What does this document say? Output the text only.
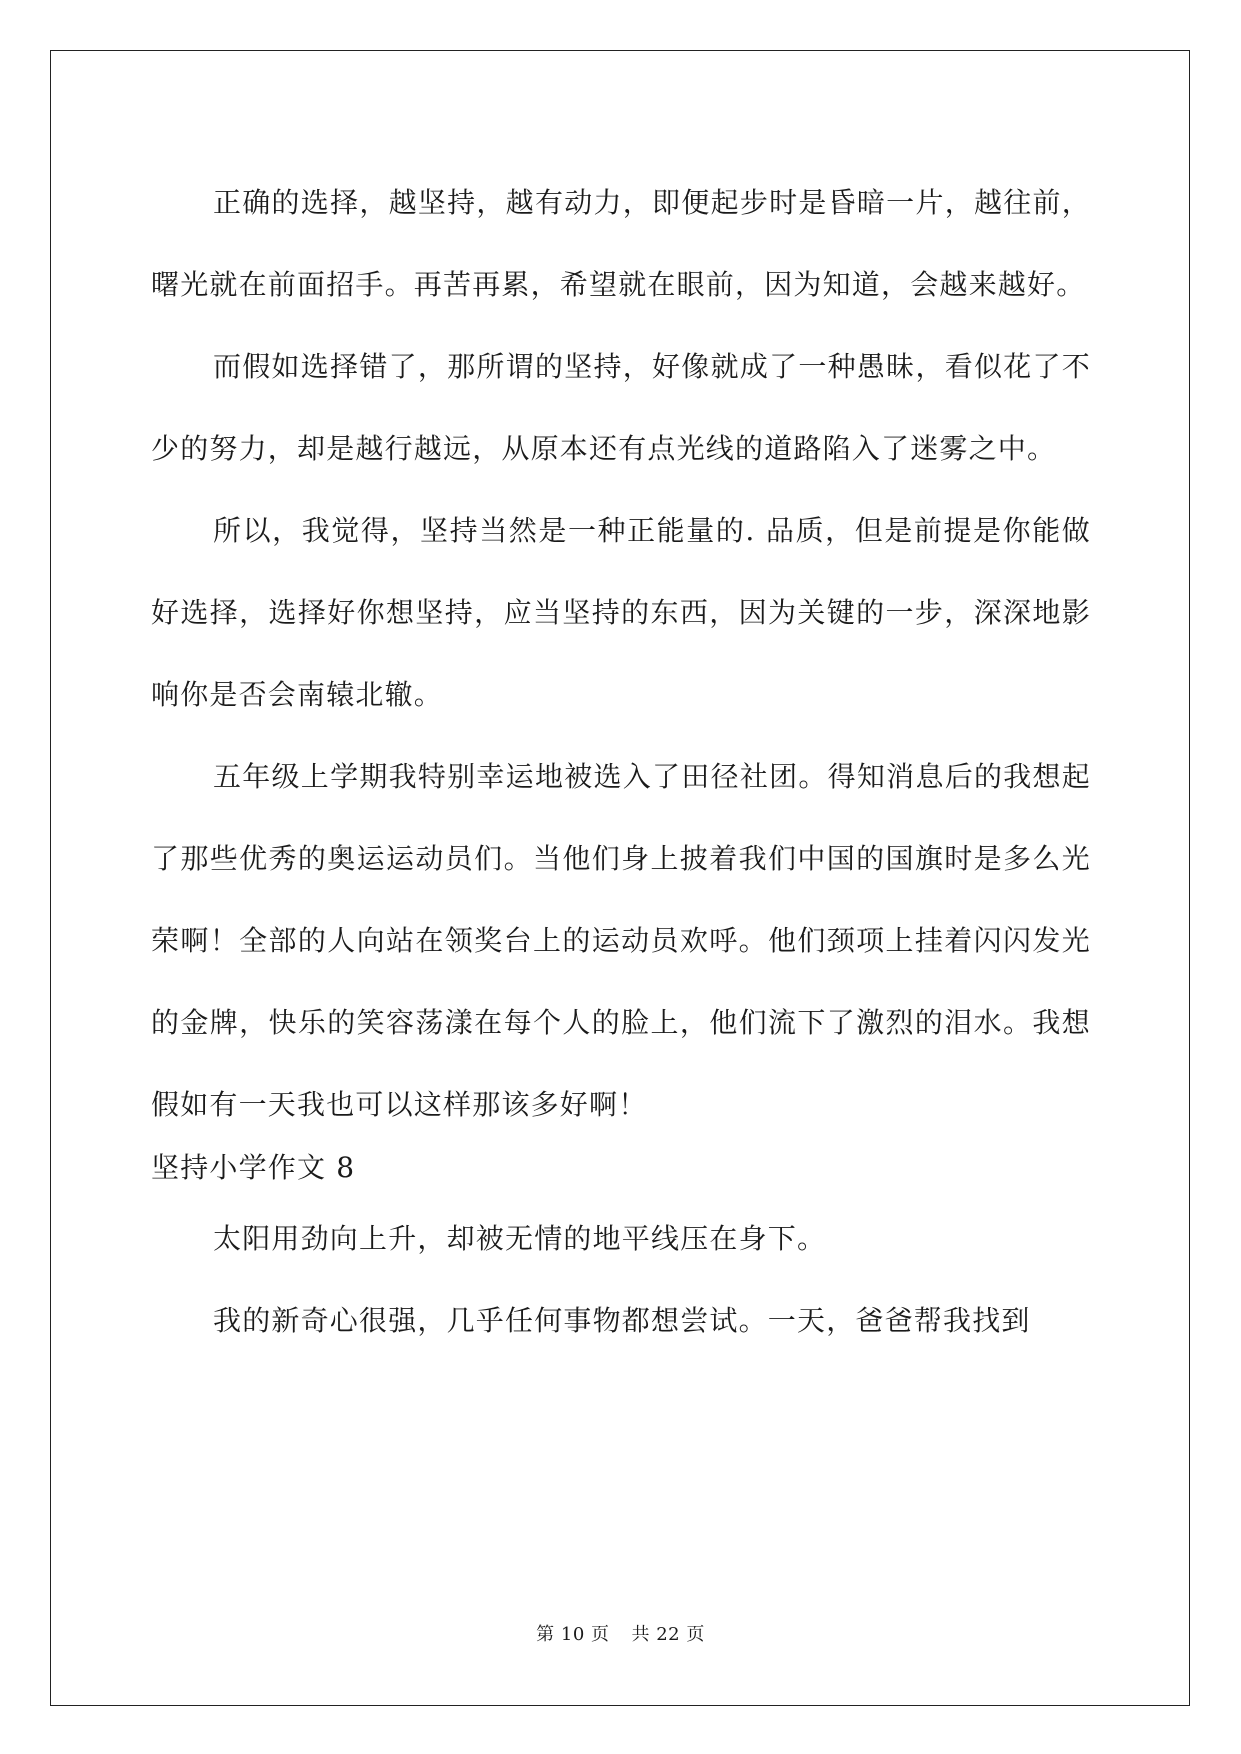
正确的选择，越坚持，越有动力，即便起步时是昏暗一片，越往前，曙光就在前面招手。再苦再累，希望就在眼前，因为知道，会越来越好。

而假如选择错了，那所谓的坚持，好像就成了一种愚昧，看似花了不少的努力，却是越行越远，从原本还有点光线的道路陷入了迷雾之中。

所以，我觉得，坚持当然是一种正能量的. 品质，但是前提是你能做好选择，选择好你想坚持，应当坚持的东西，因为关键的一步，深深地影响你是否会南辕北辙。

五年级上学期我特别幸运地被选入了田径社团。得知消息后的我想起了那些优秀的奥运运动员们。当他们身上披着我们中国的国旗时是多么光荣啊！全部的人向站在领奖台上的运动员欢呼。他们颈项上挂着闪闪发光的金牌，快乐的笑容荡漾在每个人的脸上，他们流下了激烈的泪水。我想假如有一天我也可以这样那该多好啊！

坚持小学作文 8

太阳用劲向上升，却被无情的地平线压在身下。

我的新奇心很强，几乎任何事物都想尝试。一天，爸爸帮我找到

第 10 页 共 22 页
